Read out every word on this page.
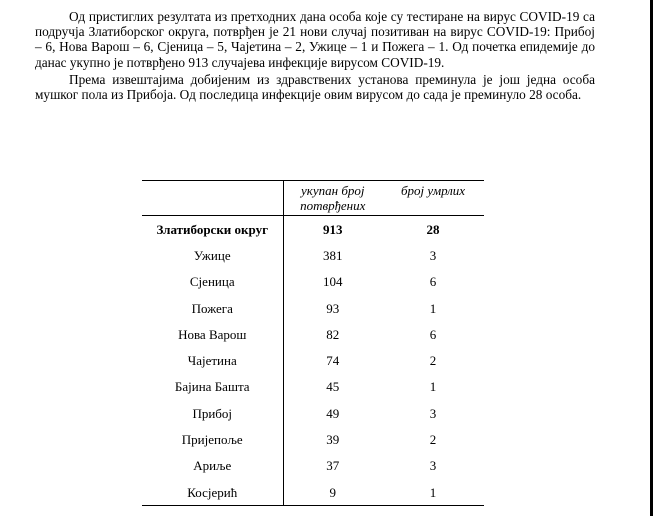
Од пристиглих резултата из претходних дана особа које су тестиране на вирус COVID-19 са подручја Златиборског округа, потврђен је 21 нови случај позитиван на вирус COVID-19: Прибој – 6, Нова Варош – 6, Сјеница – 5, Чајетина – 2, Ужице – 1 и Пожега – 1. Од почетка епидемије до данас укупно је потврђено 913 случајева инфекције вирусом COVID-19.

Према извештајима добијеним из здравствених установа преминула је још једна особа мушког пола из Прибоја. Од последица инфекције овим вирусом до сада је преминуло 28 особа.

	укупан број потврђених	број умрлих
Златиборски округ	913	28
Ужице	381	3
Сјеница	104	6
Пожега	93	1
Нова Варош	82	6
Чајетина	74	2
Бајина Башта	45	1
Прибој	49	3
Пријепоље	39	2
Ариље	37	3
Косјерић	9	1
